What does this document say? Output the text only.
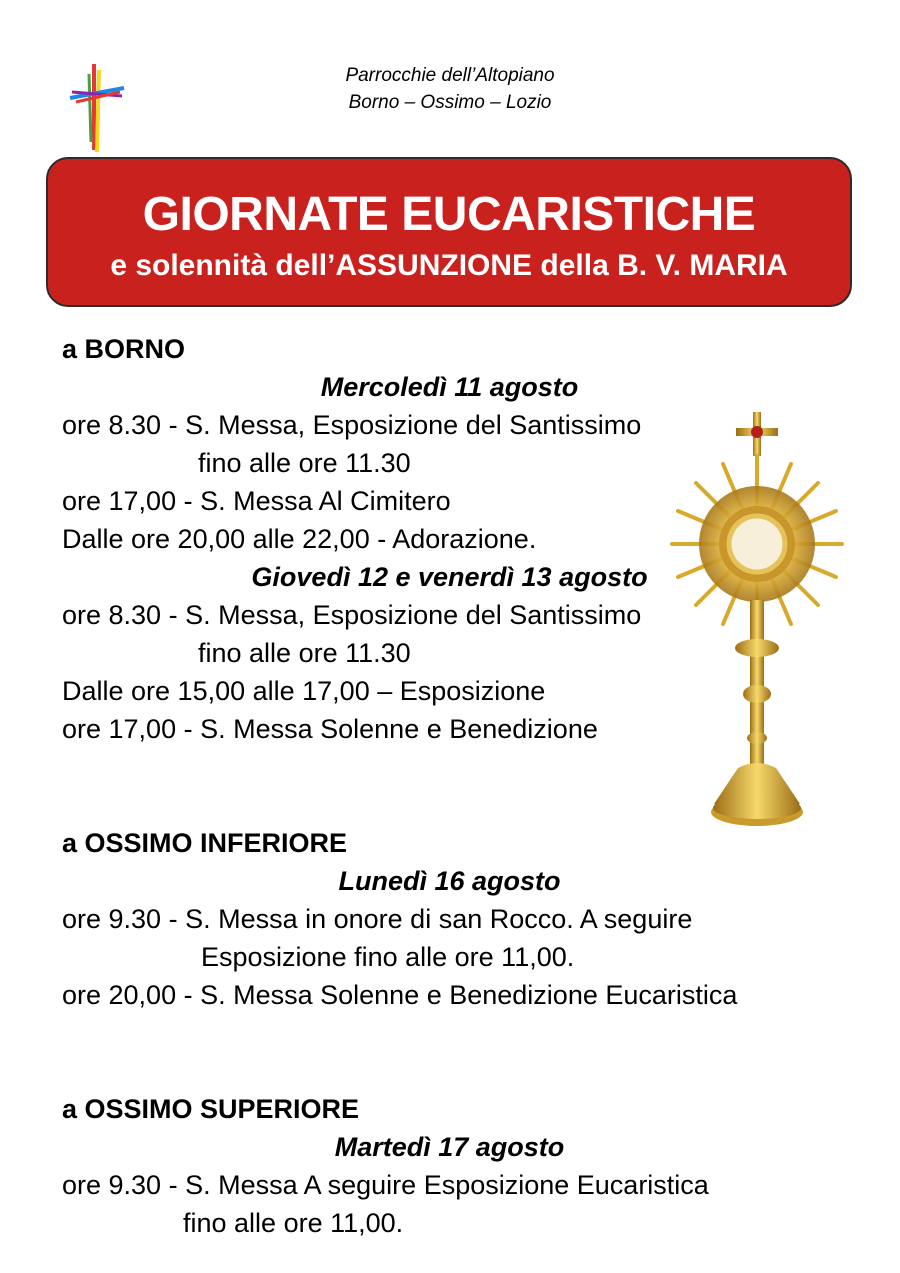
Parrocchie dell’Altopiano
Borno – Ossimo – Lozio
GIORNATE EUCARISTICHE
e solennità dell’ASSUNZIONE della B. V. MARIA
a BORNO
Mercoledì 11 agosto
ore 8.30 - S. Messa, Esposizione del Santissimo
fino alle ore 11.30
ore 17,00 - S. Messa Al Cimitero
Dalle ore 20,00 alle 22,00 - Adorazione.
Giovedì 12 e venerdì 13 agosto
ore 8.30 - S. Messa, Esposizione del Santissimo
fino alle ore 11.30
Dalle ore 15,00 alle 17,00 – Esposizione
ore 17,00 - S. Messa Solenne e Benedizione
a OSSIMO INFERIORE
Lunedì 16 agosto
ore 9.30 - S. Messa in onore di san Rocco. A seguire
Esposizione fino alle ore 11,00.
ore 20,00 - S. Messa Solenne e Benedizione Eucaristica
a OSSIMO SUPERIORE
Martedì 17 agosto
ore 9.30 - S. Messa A seguire Esposizione Eucaristica
fino alle ore 11,00.
